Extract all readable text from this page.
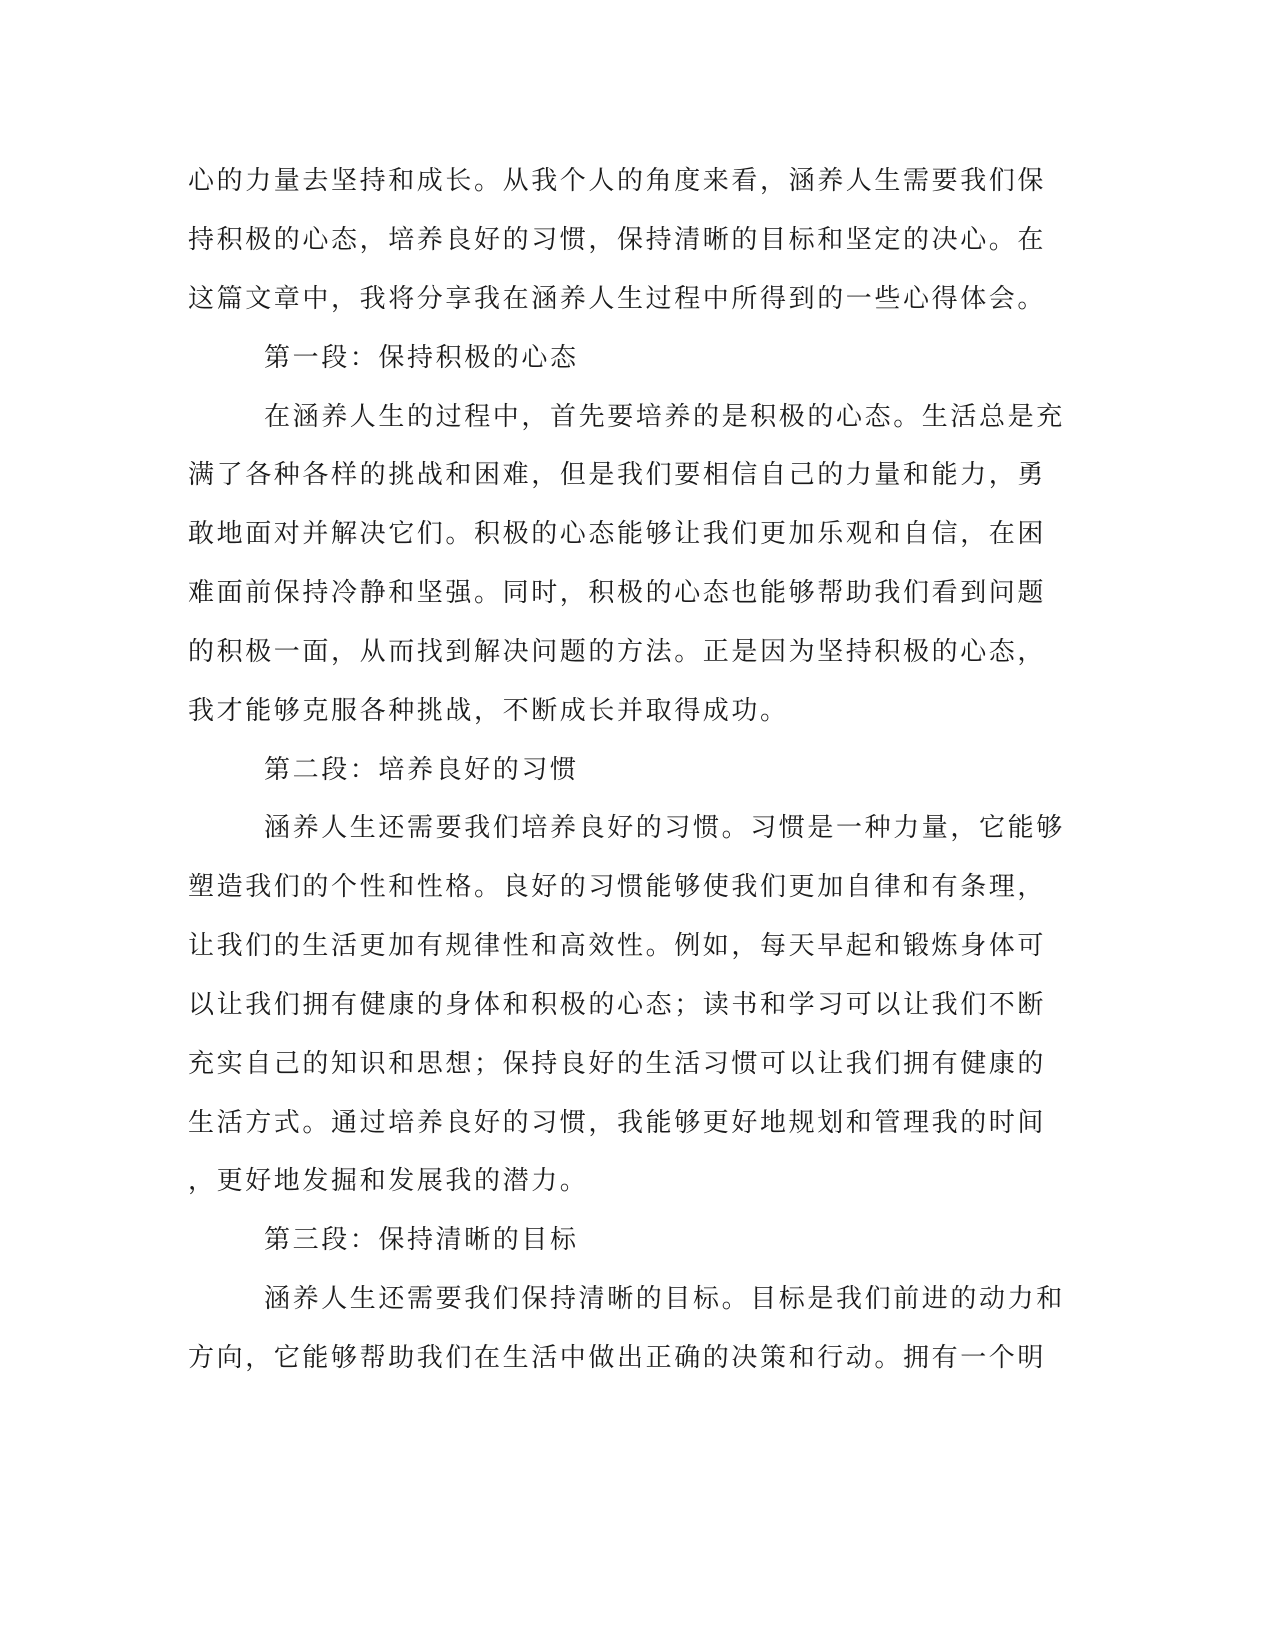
心的力量去坚持和成长。从我个人的角度来看，涵养人生需要我们保

持积极的心态，培养良好的习惯，保持清晰的目标和坚定的决心。在

这篇文章中，我将分享我在涵养人生过程中所得到的一些心得体会。

第一段：保持积极的心态

在涵养人生的过程中，首先要培养的是积极的心态。生活总是充

满了各种各样的挑战和困难，但是我们要相信自己的力量和能力，勇

敢地面对并解决它们。积极的心态能够让我们更加乐观和自信，在困

难面前保持冷静和坚强。同时，积极的心态也能够帮助我们看到问题

的积极一面，从而找到解决问题的方法。正是因为坚持积极的心态，

我才能够克服各种挑战，不断成长并取得成功。

第二段：培养良好的习惯

涵养人生还需要我们培养良好的习惯。习惯是一种力量，它能够

塑造我们的个性和性格。良好的习惯能够使我们更加自律和有条理，

让我们的生活更加有规律性和高效性。例如，每天早起和锻炼身体可

以让我们拥有健康的身体和积极的心态；读书和学习可以让我们不断

充实自己的知识和思想；保持良好的生活习惯可以让我们拥有健康的

生活方式。通过培养良好的习惯，我能够更好地规划和管理我的时间

，更好地发掘和发展我的潜力。

第三段：保持清晰的目标

涵养人生还需要我们保持清晰的目标。目标是我们前进的动力和

方向，它能够帮助我们在生活中做出正确的决策和行动。拥有一个明
